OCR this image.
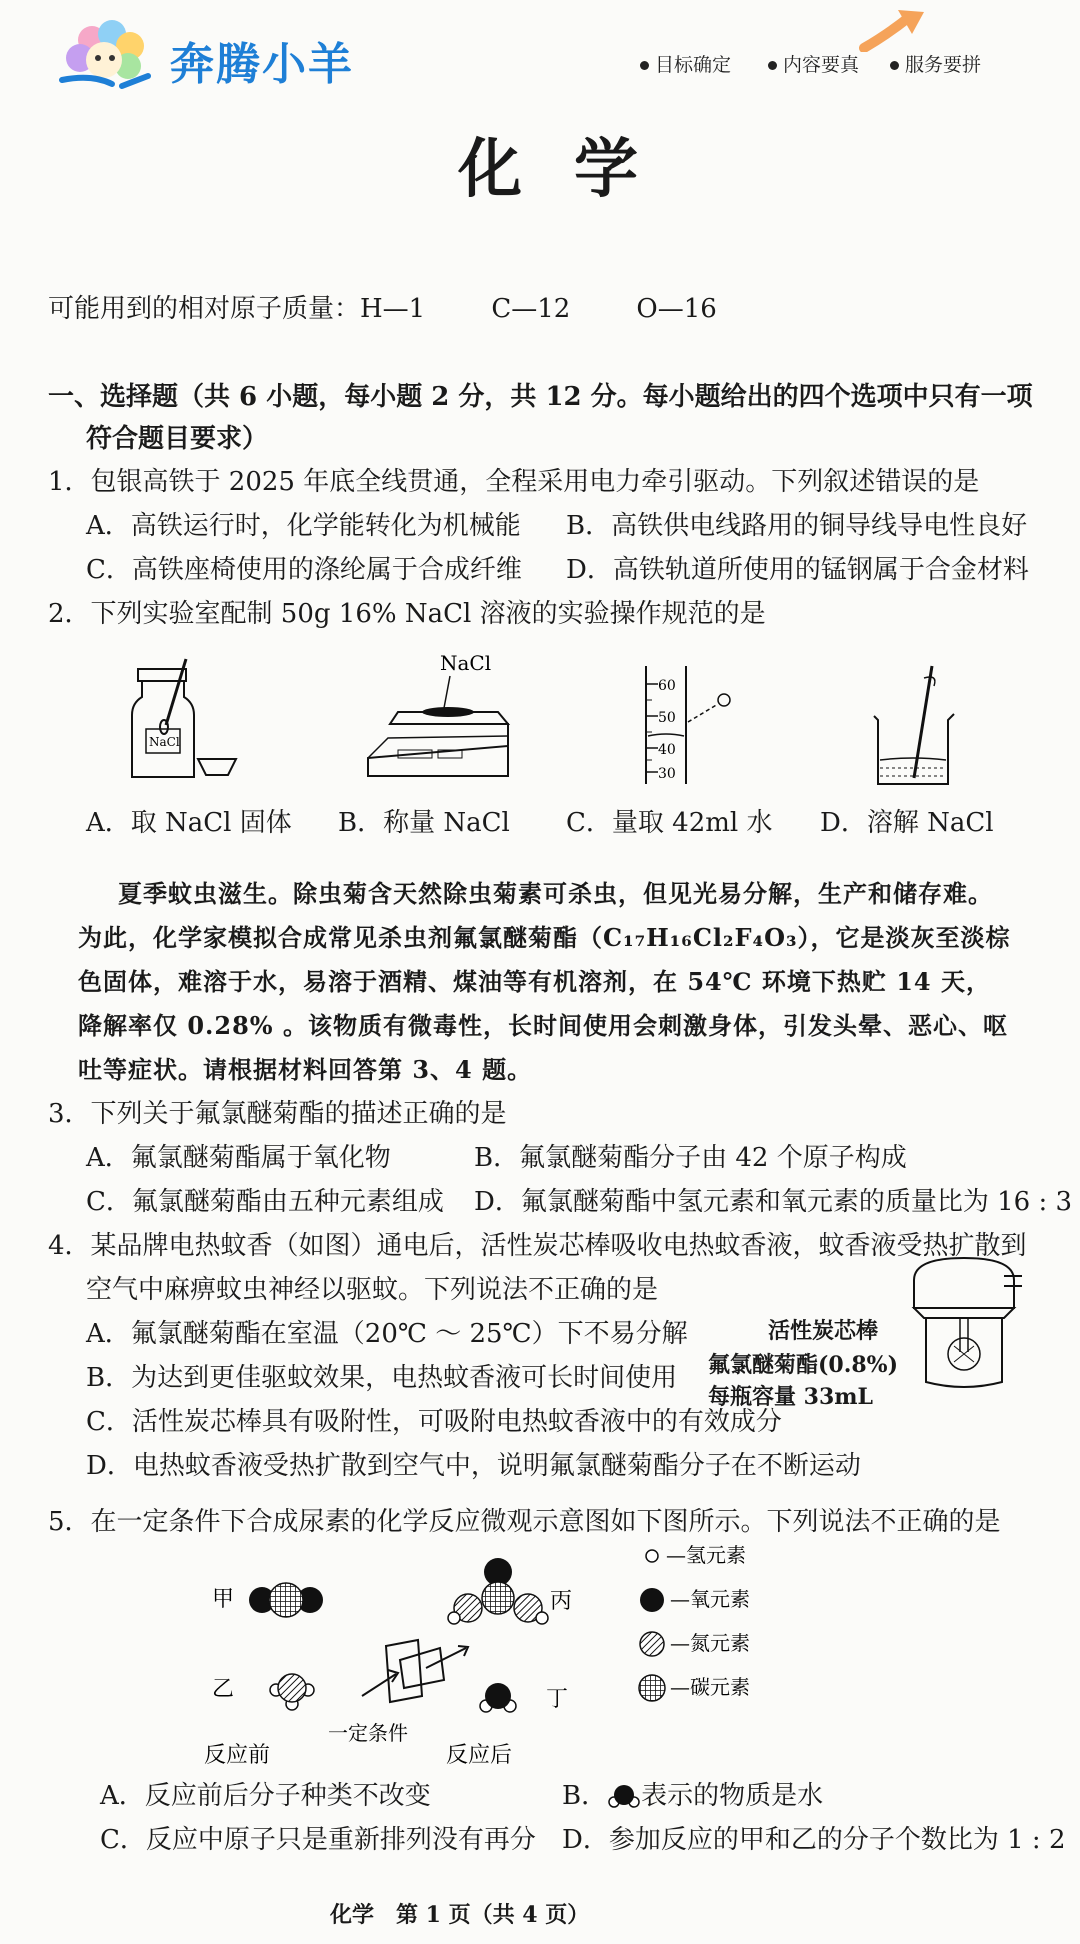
奔腾小羊	目标确定	内容要真	服务要拼
化学
可能用到的相对原子质量：H—1        C—12        O—16
一、选择题（共 6 小题，每小题 2 分，共 12 分。每小题给出的四个选项中只有一项
符合题目要求）
1．包银高铁于 2025 年底全线贯通，全程采用电力牵引驱动。下列叙述错误的是
A．高铁运行时，化学能转化为机械能 B．高铁供电线路用的铜导线导电性良好
C．高铁座椅使用的涤纶属于合成纤维 D．高铁轨道所使用的锰钢属于合金材料
2．下列实验室配制 50g 16% NaCl 溶液的实验操作规范的是
NaCl
NaCl
60
50
40
30
A．取 NaCl 固体 B．称量 NaCl C．量取 42ml 水 D．溶解 NaCl
夏季蚊虫滋生。除虫菊含天然除虫菊素可杀虫，但见光易分解，生产和储存难。
为此，化学家模拟合成常见杀虫剂氟氯醚菊酯（C₁₇H₁₆Cl₂F₄O₃），它是淡灰至淡棕
色固体，难溶于水，易溶于酒精、煤油等有机溶剂，在 54℃ 环境下热贮 14 天，
降解率仅 0.28% 。该物质有微毒性，长时间使用会刺激身体，引发头晕、恶心、呕
吐等症状。请根据材料回答第 3、4 题。
3．下列关于氟氯醚菊酯的描述正确的是
A．氟氯醚菊酯属于氧化物	B．氟氯醚菊酯分子由 42 个原子构成
C．氟氯醚菊酯由五种元素组成 D．氟氯醚菊酯中氢元素和氧元素的质量比为 16 : 3
4．某品牌电热蚊香（如图）通电后，活性炭芯棒吸收电热蚊香液，蚊香液受热扩散到
空气中麻痹蚊虫神经以驱蚊。下列说法不正确的是
A．氟氯醚菊酯在室温（20℃ ～ 25℃）下不易分解
B．为达到更佳驱蚊效果，电热蚊香液可长时间使用
C．活性炭芯棒具有吸附性，可吸附电热蚊香液中的有效成分
D．电热蚊香液受热扩散到空气中，说明氟氯醚菊酯分子在不断运动
活性炭芯棒
氟氯醚菊酯(0.8%)
每瓶容量 33mL
5．在一定条件下合成尿素的化学反应微观示意图如下图所示。下列说法不正确的是
甲
乙
一定条件
反应前
丙
丁
反应后
—氢元素
—氧元素
—氮元素
—碳元素
A．反应前后分子种类不改变	B． 表示的物质是水
C．反应中原子只是重新排列没有再分 D．参加反应的甲和乙的分子个数比为 1 : 2
化学　第 1 页（共 4 页）
